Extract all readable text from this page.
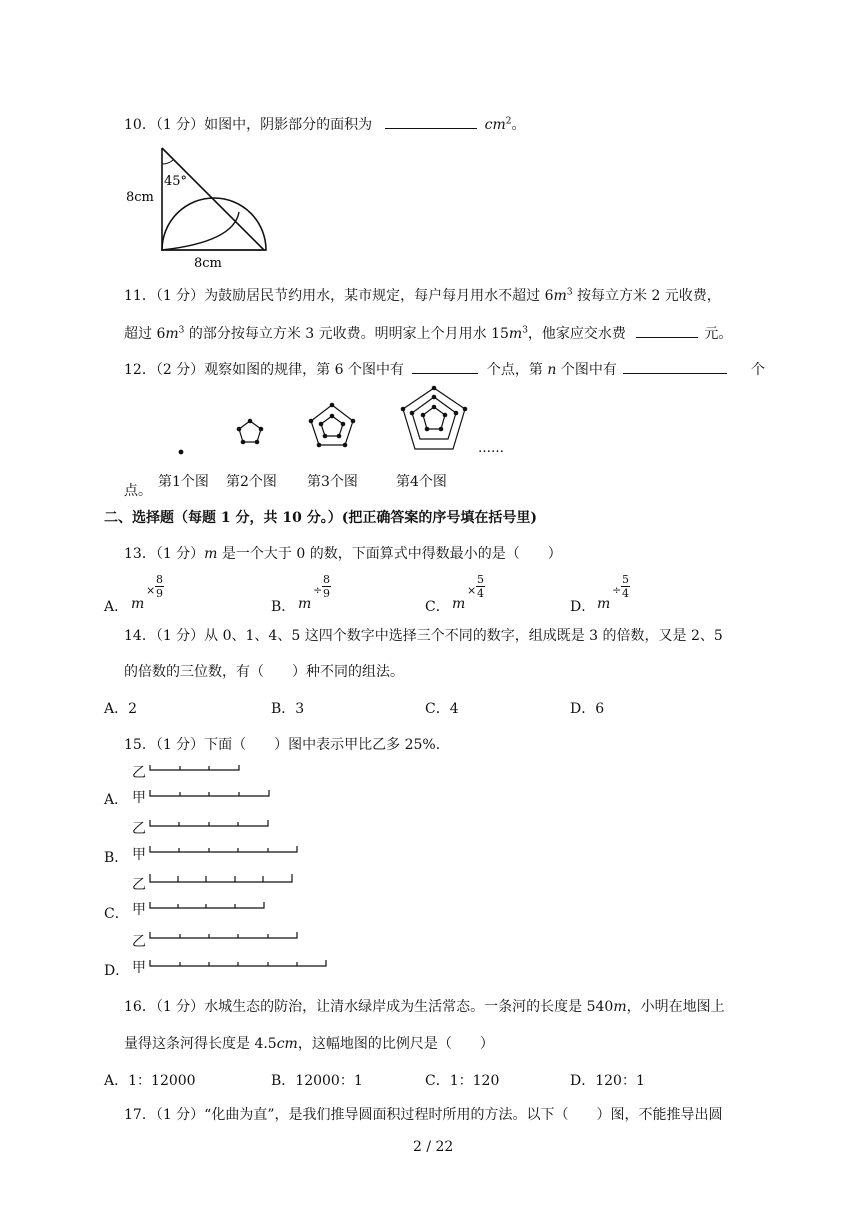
10．（1 分）如图中，阴影部分的面积为	$cm^2$。
45°
8cm
8cm
11．（1 分）为鼓励居民节约用水，某市规定，每户每月用水不超过 $6m^3$ 按每立方米 2 元收费，
超过 $6m^3$ 的部分按每立方米 3 元收费。明明家上个月用水 $15m^3$，他家应交水费	元。
12．（2 分）观察如图的规律，第 6 个图中有	个点，第 n 个图中有	个
……
点。
第1个图 第2个图 第3个图	第4个图
二、选择题（每题 1 分，共 10 分。）(把正确答案的序号填在括号里)
13．（1 分）m 是一个大于 0 的数，下面算式中得数最小的是（　　）
A． m
×
8
9
B． m
÷
8
9
C． m
×
5
4
D． m
÷
5
4
14．（1 分）从 0、1、4、5 这四个数字中选择三个不同的数字，组成既是 3 的倍数，又是 2、5
的倍数的三位数，有（　　）种不同的组法。
A．2	B．3	C．4	D．6
15．（1 分）下面（　　）图中表示甲比乙多 25%.
A．
B．
C．
D．
乙
甲
乙
甲
乙
甲
乙
甲
16．（1 分）水城生态的防治，让清水绿岸成为生活常态。一条河的长度是 540m，小明在地图上
量得这条河得长度是 4.5cm，这幅地图的比例尺是（　　）
A．1：12000	B．12000：1	C．1：120	D．120：1
17．（1 分）“化曲为直”，是我们推导圆面积过程时所用的方法。以下（　　）图，不能推导出圆
2 / 22
